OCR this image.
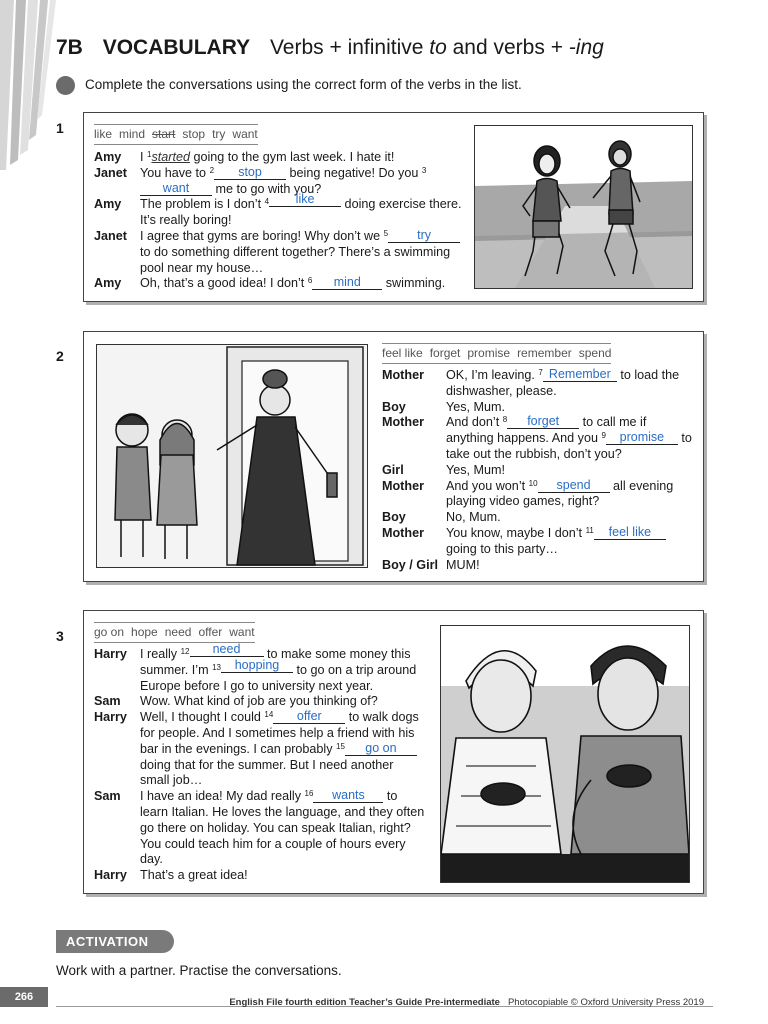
7B VOCABULARY Verbs + infinitive to and verbs + -ing
Complete the conversations using the correct form of the verbs in the list.
1	like mind start stop try want
Amy	I $^1$started going to the gym last week. I hate it!
Janet	You have to $^2$ stop being negative! Do you $^3$want me to go with you?
Amy	The problem is I don’t $^4$ like doing exercise there. It’s really boring!
Janet	I agree that gyms are boring! Why don’t we $^5$ try to do something different together? There’s a swimming pool near my house…
Amy	Oh, that’s a good idea! I don’t $^6$ mind swimming.
2	feel like forget promise remember spend
Mother	OK, I’m leaving. $^7$ Remember to load the dishwasher, please.
Boy	Yes, Mum.
Mother	And don’t $^8$ forget to call me if anything happens. And you $^9$ promise to take out the rubbish, don’t you?
Girl	Yes, Mum!
Mother	And you won’t $^{10}$ spend all evening playing video games, right?
Boy	No, Mum.
Mother	You know, maybe I don’t $^{11}$ feel like going to this party…
Boy / Girl	MUM!
3	go on hope need offer want
Harry	I really $^{12}$ need to make some money this summer. I’m $^{13}$ hopping to go on a trip around Europe before I go to university next year.
Sam	Wow. What kind of job are you thinking of?
Harry	Well, I thought I could $^{14}$ offer to walk dogs for people. And I sometimes help a friend with his bar in the evenings. I can probably $^{15}$ go on doing that for the summer. But I need another small job…
Sam	I have an idea! My dad really $^{16}$ wants to learn Italian. He loves the language, and they often go there on holiday. You can speak Italian, right? You could teach him for a couple of hours every day.
Harry	That’s a great idea!
ACTIVATION
Work with a partner. Practise the conversations.
266	English File fourth edition Teacher’s Guide Pre-intermediate Photocopiable © Oxford University Press 2019
